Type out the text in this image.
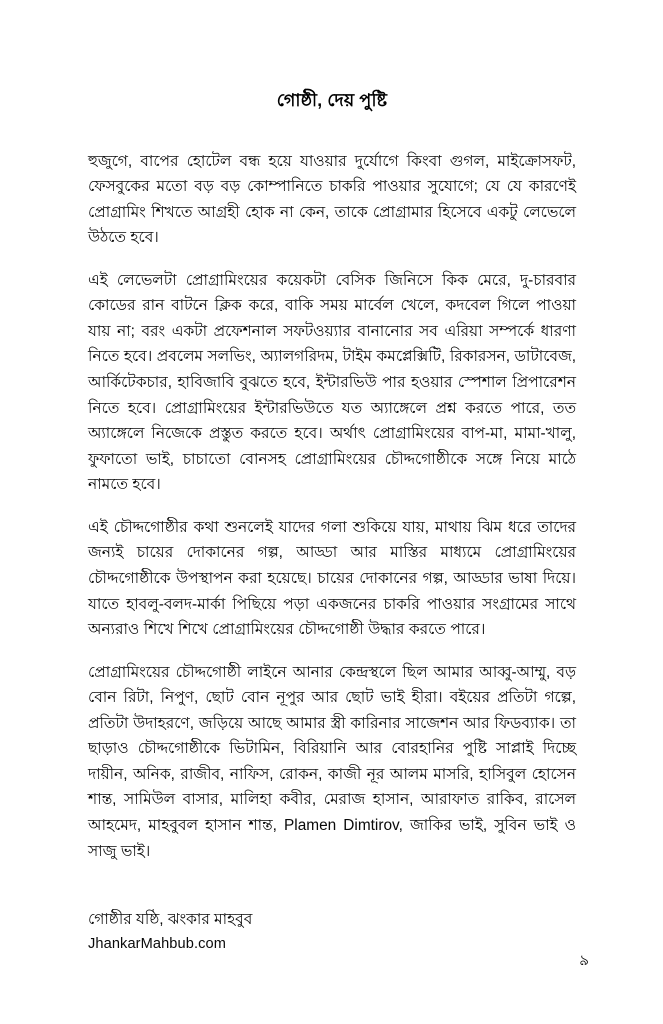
গোষ্ঠী, দেয় পুষ্টি

হুজুগে, বাপের হোটেল বন্ধ হয়ে যাওয়ার দুর্যোগে কিংবা গুগল, মাইক্রোসফট, ফেসবুকের মতো বড় বড় কোম্পানিতে চাকরি পাওয়ার সুযোগে; যে যে কারণেই প্রোগ্রামিং শিখতে আগ্রহী হোক না কেন, তাকে প্রোগ্রামার হিসেবে একটু লেভেলে উঠতে হবে।

এই লেভেলটা প্রোগ্রামিংয়ের কয়েকটা বেসিক জিনিসে কিক মেরে, দু-চারবার কোডের রান বাটনে ক্লিক করে, বাকি সময় মার্বেল খেলে, কদবেল গিলে পাওয়া যায় না; বরং একটা প্রফেশনাল সফটওয়্যার বানানোর সব এরিয়া সম্পর্কে ধারণা নিতে হবে। প্রবলেম সলভিং, অ্যালগরিদম, টাইম কমপ্লেক্সিটি, রিকারসন, ডাটাবেজ, আর্কিটেকচার, হাবিজাবি বুঝতে হবে, ইন্টারভিউ পার হওয়ার স্পেশাল প্রিপারেশন নিতে হবে। প্রোগ্রামিংয়ের ইন্টারভিউতে যত অ্যাঙ্গেলে প্রশ্ন করতে পারে, তত অ্যাঙ্গেলে নিজেকে প্রস্তুত করতে হবে। অর্থাৎ প্রোগ্রামিংয়ের বাপ-মা, মামা-খালু, ফুফাতো ভাই, চাচাতো বোনসহ প্রোগ্রামিংয়ের চৌদ্দগোষ্ঠীকে সঙ্গে নিয়ে মাঠে নামতে হবে।

এই চৌদ্দগোষ্ঠীর কথা শুনলেই যাদের গলা শুকিয়ে যায়, মাথায় ঝিম ধরে তাদের জন্যই চায়ের দোকানের গল্প, আড্ডা আর মাস্তির মাধ্যমে প্রোগ্রামিংয়ের চৌদ্দগোষ্ঠীকে উপস্থাপন করা হয়েছে। চায়ের দোকানের গল্প, আড্ডার ভাষা দিয়ে। যাতে হাবলু-বলদ-মার্কা পিছিয়ে পড়া একজনের চাকরি পাওয়ার সংগ্রামের সাথে অন্যরাও শিখে শিখে প্রোগ্রামিংয়ের চৌদ্দগোষ্ঠী উদ্ধার করতে পারে।

প্রোগ্রামিংয়ের চৌদ্দগোষ্ঠী লাইনে আনার কেন্দ্রস্থলে ছিল আমার আব্বু-আম্মু, বড় বোন রিটা, নিপুণ, ছোট বোন নূপুর আর ছোট ভাই হীরা। বইয়ের প্রতিটা গল্পে, প্রতিটা উদাহরণে, জড়িয়ে আছে আমার স্ত্রী কারিনার সাজেশন আর ফিডব্যাক। তা ছাড়াও চৌদ্দগোষ্ঠীকে ভিটামিন, বিরিয়ানি আর বোরহানির পুষ্টি সাপ্লাই দিচ্ছে দায়ীন, অনিক, রাজীব, নাফিস, রোকন, কাজী নূর আলম মাসরি, হাসিবুল হোসেন শান্ত, সামিউল বাসার, মালিহা কবীর, মেরাজ হাসান, আরাফাত রাকিব, রাসেল আহমেদ, মাহবুবল হাসান শান্ত, Plamen Dimtirov, জাকির ভাই, সুবিন ভাই ও সাজু ভাই।

গোষ্ঠীর যষ্ঠি, ঝংকার মাহবুব
JhankarMahbub.com
৯
